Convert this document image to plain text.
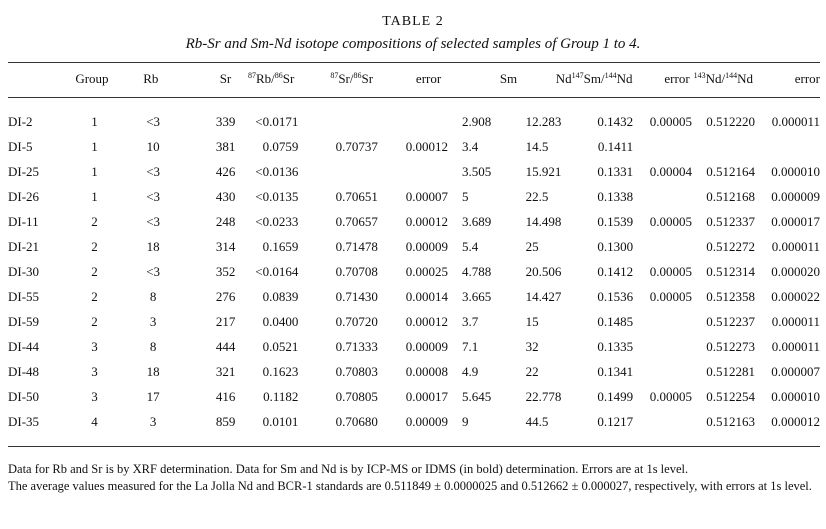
TABLE 2
Rb-Sr and Sm-Nd isotope compositions of selected samples of Group 1 to 4.
	Group	Rb	Sr	$^{87}$Rb/$^{86}$Sr	$^{87}$Sr/$^{86}$Sr	error	Sm	Nd	$^{147}$Sm/$^{144}$Nd	error	$^{143}$Nd/$^{144}$Nd	error
DI-2	1	<3	339	<0.0171			2.908	12.283	0.1432	0.00005	0.512220	0.000011
DI-5	1	10	381	0.0759	0.70737	0.00012	3.4	14.5	0.1411			
DI-25	1	<3	426	<0.0136			3.505	15.921	0.1331	0.00004	0.512164	0.000010
DI-26	1	<3	430	<0.0135	0.70651	0.00007	5	22.5	0.1338		0.512168	0.000009
DI-11	2	<3	248	<0.0233	0.70657	0.00012	3.689	14.498	0.1539	0.00005	0.512337	0.000017
DI-21	2	18	314	0.1659	0.71478	0.00009	5.4	25	0.1300		0.512272	0.000011
DI-30	2	<3	352	<0.0164	0.70708	0.00025	4.788	20.506	0.1412	0.00005	0.512314	0.000020
DI-55	2	8	276	0.0839	0.71430	0.00014	3.665	14.427	0.1536	0.00005	0.512358	0.000022
DI-59	2	3	217	0.0400	0.70720	0.00012	3.7	15	0.1485		0.512237	0.000011
DI-44	3	8	444	0.0521	0.71333	0.00009	7.1	32	0.1335		0.512273	0.000011
DI-48	3	18	321	0.1623	0.70803	0.00008	4.9	22	0.1341		0.512281	0.000007
DI-50	3	17	416	0.1182	0.70805	0.00017	5.645	22.778	0.1499	0.00005	0.512254	0.000010
DI-35	4	3	859	0.0101	0.70680	0.00009	9	44.5	0.1217		0.512163	0.000012
Data for Rb and Sr is by XRF determination. Data for Sm and Nd is by ICP-MS or IDMS (in bold) determination. Errors are at 1s level.
The average values measured for the La Jolla Nd and BCR-1 standards are 0.511849 ± 0.0000025 and 0.512662 ± 0.000027, respectively, with errors at 1s level.
